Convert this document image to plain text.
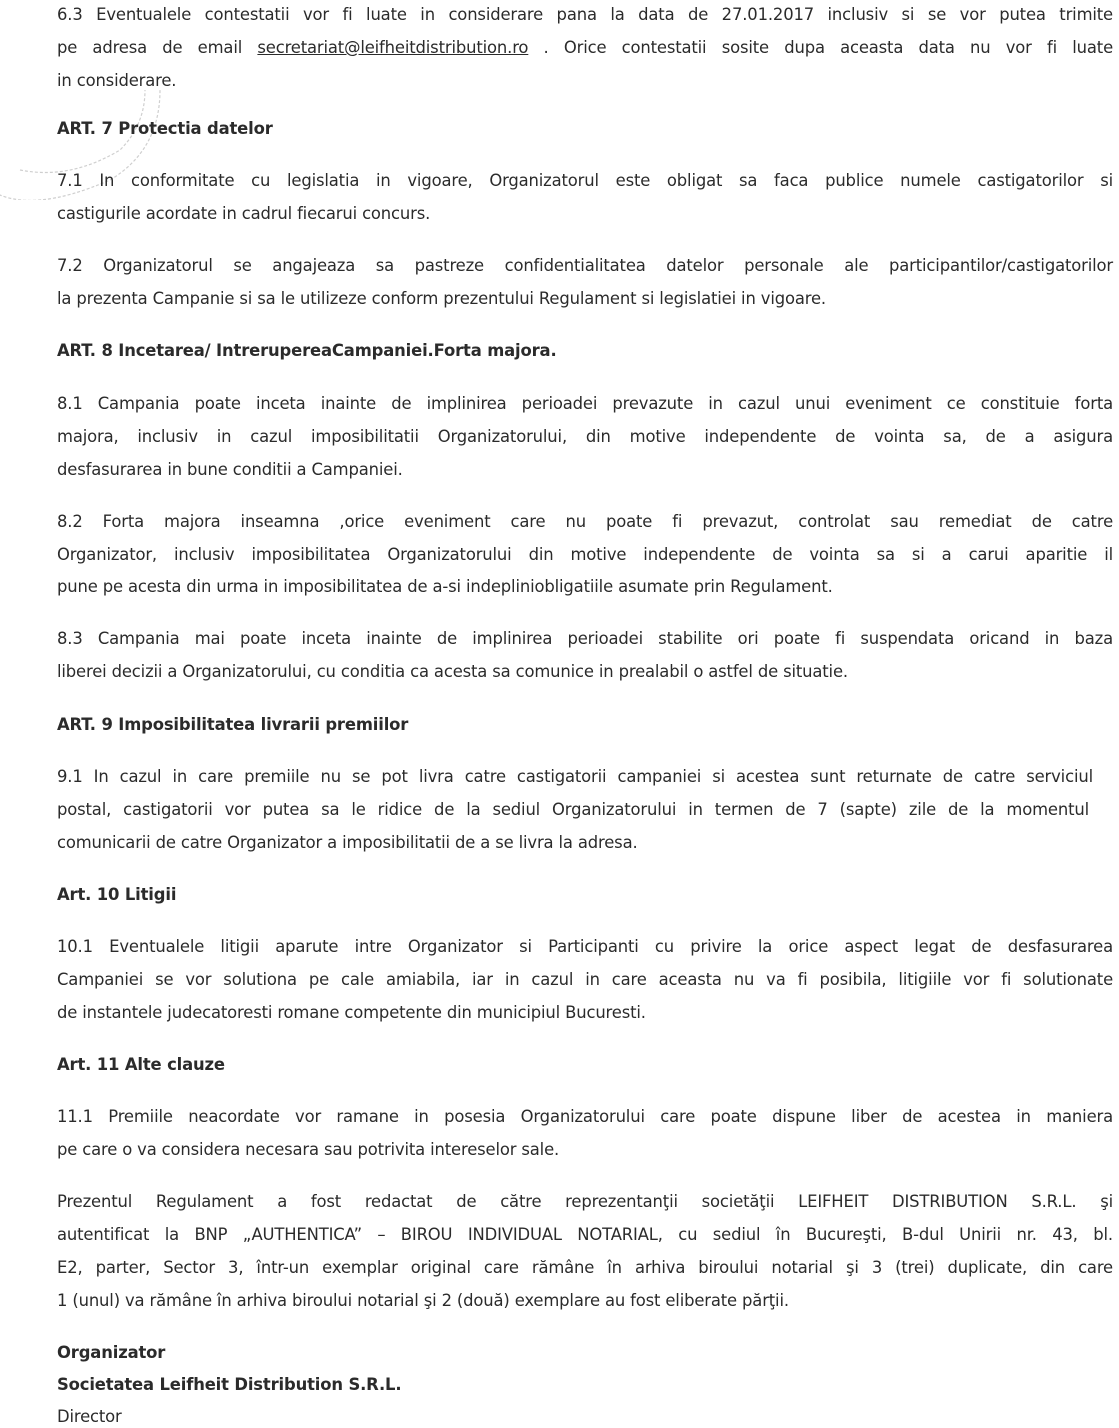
6.3 Eventualele contestatii vor fi luate in considerare pana la data de 27.01.2017 inclusiv si se vor putea trimite
pe adresa de email secretariat@leifheitdistribution.ro . Orice contestatii sosite dupa aceasta data nu vor fi luate
in considerare.
ART. 7 Protectia datelor
7.1 In conformitate cu legislatia in vigoare, Organizatorul este obligat sa faca publice numele castigatorilor si
castigurile acordate in cadrul fiecarui concurs.
7.2 Organizatorul se angajeaza sa pastreze confidentialitatea datelor personale ale participantilor/castigatorilor
la prezenta Campanie si sa le utilizeze conform prezentului Regulament si legislatiei in vigoare.
ART. 8 Incetarea/ Intreruperea​Campaniei.Forta majora.
8.1 Campania poate inceta inainte de implinirea perioadei prevazute in cazul unui eveniment ce constituie forta
majora, inclusiv in cazul imposibilitatii Organizatorului, din motive independente de vointa sa, de a asigura
desfasurarea in bune conditii a Campaniei.
8.2 Forta majora inseamna ,orice eveniment care nu poate fi prevazut, controlat sau remediat de catre
Organizator, inclusiv imposibilitatea Organizatorului din motive independente de vointa sa si a carui aparitie il
pune pe acesta din urma in imposibilitatea de a-si indeplinio​bligatiile asumate prin Regulament.
8.3 Campania mai poate inceta inainte de implinirea perioadei stabilite ori poate fi suspendata oricand in baza
liberei decizii a Organizatorului, cu conditia ca acesta sa comunice in prealabil o astfel de situatie.
ART. 9 Imposibilitatea livrarii premiilor
9.1 In cazul in care premiile nu se pot livra catre castigatorii campaniei si acestea sunt returnate de catre serviciul
postal, castigatorii vor putea sa le ridice de la sediul Organizatorului in termen de 7 (sapte) zile de la momentul
comunicarii de catre Organizator a imposibilitatii de a se livra la adresa.
Art. 10 Litigii
10.1 Eventualele litigii aparute intre Organizator si Participanti cu privire la orice aspect legat de desfasurarea
Campaniei se vor solutiona pe cale amiabila, iar in cazul in care aceasta nu va fi posibila, litigiile vor fi solutionate
de instantele judecatoresti romane competente din municipiul Bucuresti.
Art. 11 Alte clauze
11.1 Premiile neacordate vor ramane in posesia Organizatorului care poate dispune liber de acestea in maniera
pe care o va considera necesara sau potrivita intereselor sale.
Prezentul Regulament a fost redactat de către reprezentanţii societăţii LEIFHEIT DISTRIBUTION S.R.L. şi
autentificat la BNP „AUTHENTICA” – BIROU INDIVIDUAL NOTARIAL, cu sediul în Bucureşti, B-dul Unirii nr. 43, bl.
E2, parter, Sector 3, într-un exemplar original care rămâne în arhiva biroului notarial şi 3 (trei) duplicate, din care
1 (unul) va rămâne în arhiva biroului notarial şi 2 (două) exemplare au fost eliberate părţii.
Organizator
Societatea Leifheit Distribution S.R.L.
Director
